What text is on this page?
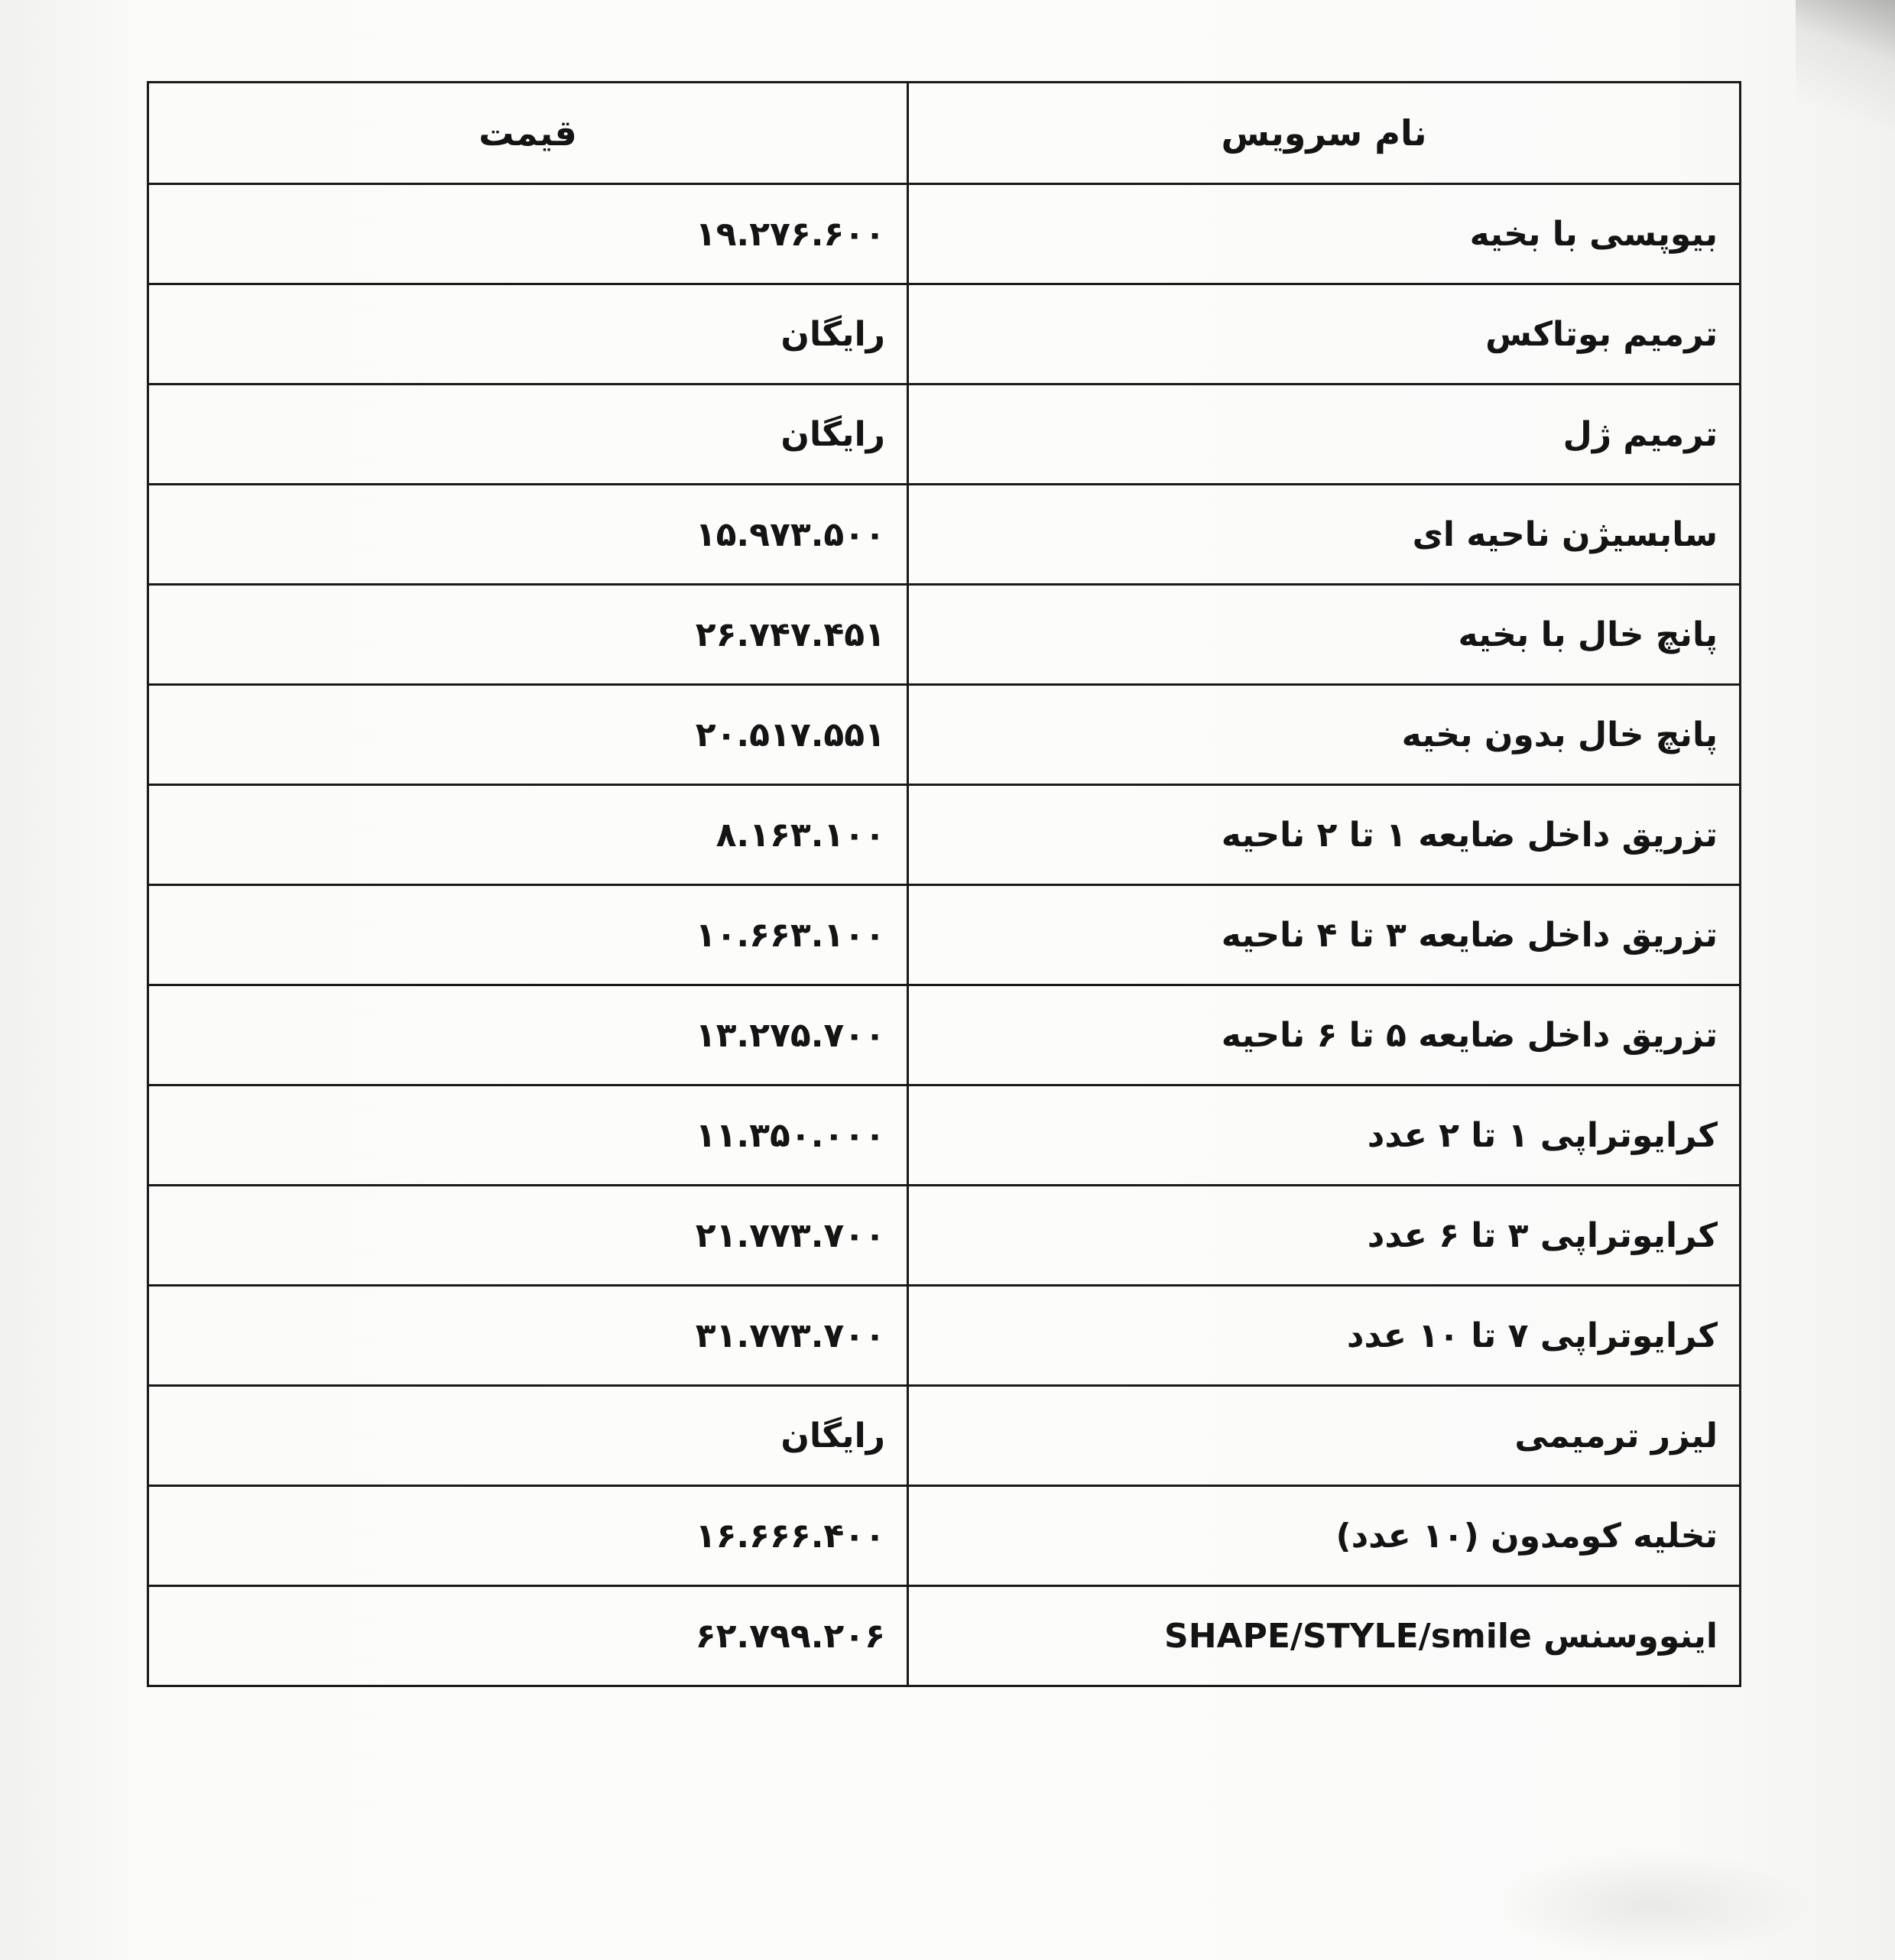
نام سرویس	قیمت
بیوپسی با بخیه	۱۹.۲۷۶.۶۰۰
ترمیم بوتاکس	رایگان
ترمیم ژل	رایگان
سابسیژن ناحیه ای	۱۵.۹۷۳.۵۰۰
پانچ خال با بخیه	۲۶.۷۴۷.۴۵۱
پانچ خال بدون بخیه	۲۰.۵۱۷.۵۵۱
تزریق داخل ضایعه ۱ تا ۲ ناحیه	۸.۱۶۳.۱۰۰
تزریق داخل ضایعه ۳ تا ۴ ناحیه	۱۰.۶۶۳.۱۰۰
تزریق داخل ضایعه ۵ تا ۶ ناحیه	۱۳.۲۷۵.۷۰۰
کرایوتراپی ۱ تا ۲ عدد	۱۱.۳۵۰.۰۰۰
کرایوتراپی ۳ تا ۶ عدد	۲۱.۷۷۳.۷۰۰
کرایوتراپی ۷ تا ۱۰ عدد	۳۱.۷۷۳.۷۰۰
لیزر ترمیمی	رایگان
تخلیه کومدون (۱۰ عدد)	۱۶.۶۶۶.۴۰۰
اینووسنس SHAPE/STYLE/smile	۶۲.۷۹۹.۲۰۶
